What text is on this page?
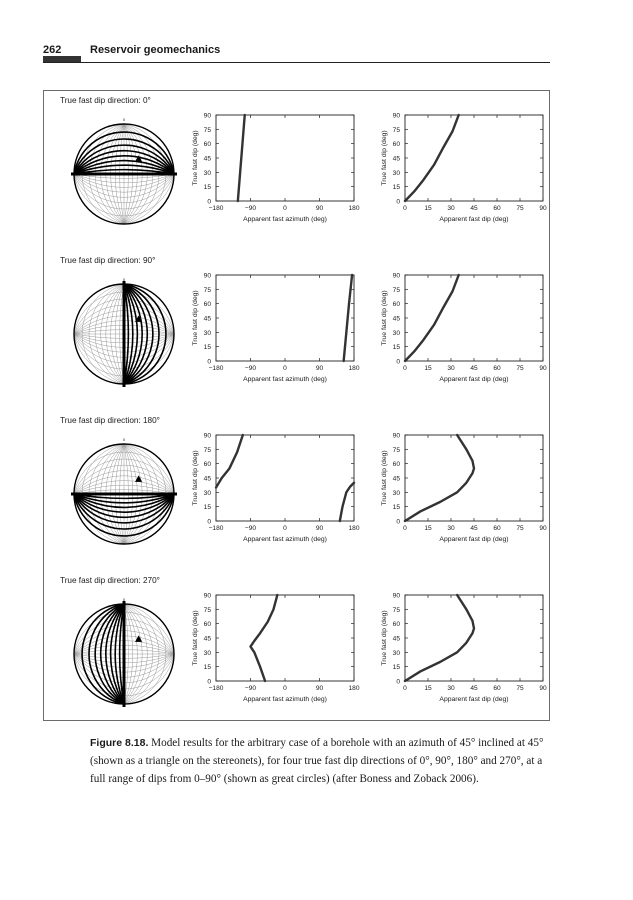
262	Reservoir geomechanics
True fast dip direction: 0°
0
0
15
30
45
60
75
90
−180	−90	0	90	180
Apparent fast azimuth (deg)
True fast dip (deg)
0
15
30
45
60
75
90
0	15 30 45 60 75 90
Apparent fast dip (deg)
True fast dip (deg)
True fast dip direction: 90°
0
0
15
30
45
60
75
90
−180	−90	0	90	180
Apparent fast azimuth (deg)
True fast dip (deg)
0
15
30
45
60
75
90
0	15 30 45 60 75 90
Apparent fast dip (deg)
True fast dip (deg)
True fast dip direction: 180°
0
0
15
30
45
60
75
90
−180	−90	0	90	180
Apparent fast azimuth (deg)
True fast dip (deg)
0
15
30
45
60
75
90
0	15 30 45 60 75 90
Apparent fast dip (deg)
True fast dip (deg)
True fast dip direction: 270°
0
0
15
30
45
60
75
90
−180	−90	0	90	180
Apparent fast azimuth (deg)
True fast dip (deg)
0
15
30
45
60
75
90
0	15 30 45 60 75 90
Apparent fast dip (deg)
True fast dip (deg)
Figure 8.18. Model results for the arbitrary case of a borehole with an azimuth of 45° inclined at 45° (shown as a triangle on the stereonets), for four true fast dip directions of 0°, 90°, 180° and 270°, at a full range of dips from 0–90° (shown as great circles) (after Boness and Zoback 2006).
